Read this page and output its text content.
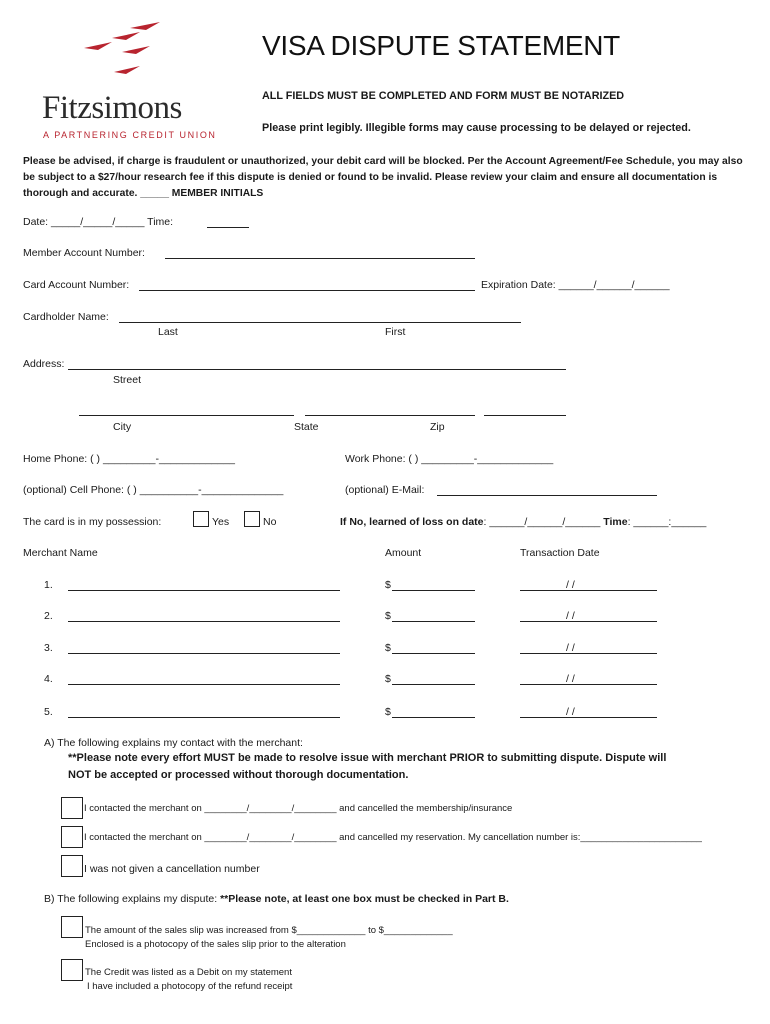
Fitzsimons
A PARTNERING CREDIT UNION
VISA DISPUTE STATEMENT
ALL FIELDS MUST BE COMPLETED AND FORM MUST BE NOTARIZED
Please print legibly. Illegible forms may cause processing to be delayed or rejected.
Please be advised, if charge is fraudulent or unauthorized, your debit card will be blocked. Per the Account Agreement/Fee Schedule, you may also be subject to a $27/hour research fee if this dispute is denied or found to be invalid. Please review your claim and ensure all documentation is thorough and accurate. _____ MEMBER INITIALS
Date: _____/_____/_____ Time:
Member Account Number:
Card Account Number:	Expiration Date: ______/______/______
Cardholder Name:
Last	First
Address:
Street
City	State	Zip
Home Phone: ( ) _________-_____________	Work Phone: ( ) _________-_____________
(optional) Cell Phone: ( ) __________-______________	(optional) E-Mail:
The card is in my possession:	Yes	No	If No, learned of loss on date: ______/______/______ Time: ______:______
Merchant Name	Amount	Transaction Date
1.	$	/ /
2.	$	/ /
3.	$	/ /
4.	$	/ /
5.	$	/ /
A) The following explains my contact with the merchant:
**Please note every effort MUST be made to resolve issue with merchant PRIOR to submitting dispute. Dispute will
NOT be accepted or processed without thorough documentation.
I contacted the merchant on ________/________/________ and cancelled the membership/insurance
I contacted the merchant on ________/________/________ and cancelled my reservation. My cancellation number is:_______________________
I was not given a cancellation number
B) The following explains my dispute: **Please note, at least one box must be checked in Part B.
The amount of the sales slip was increased from $_____________ to $_____________
Enclosed is a photocopy of the sales slip prior to the alteration
The Credit was listed as a Debit on my statement
I have included a photocopy of the refund receipt
